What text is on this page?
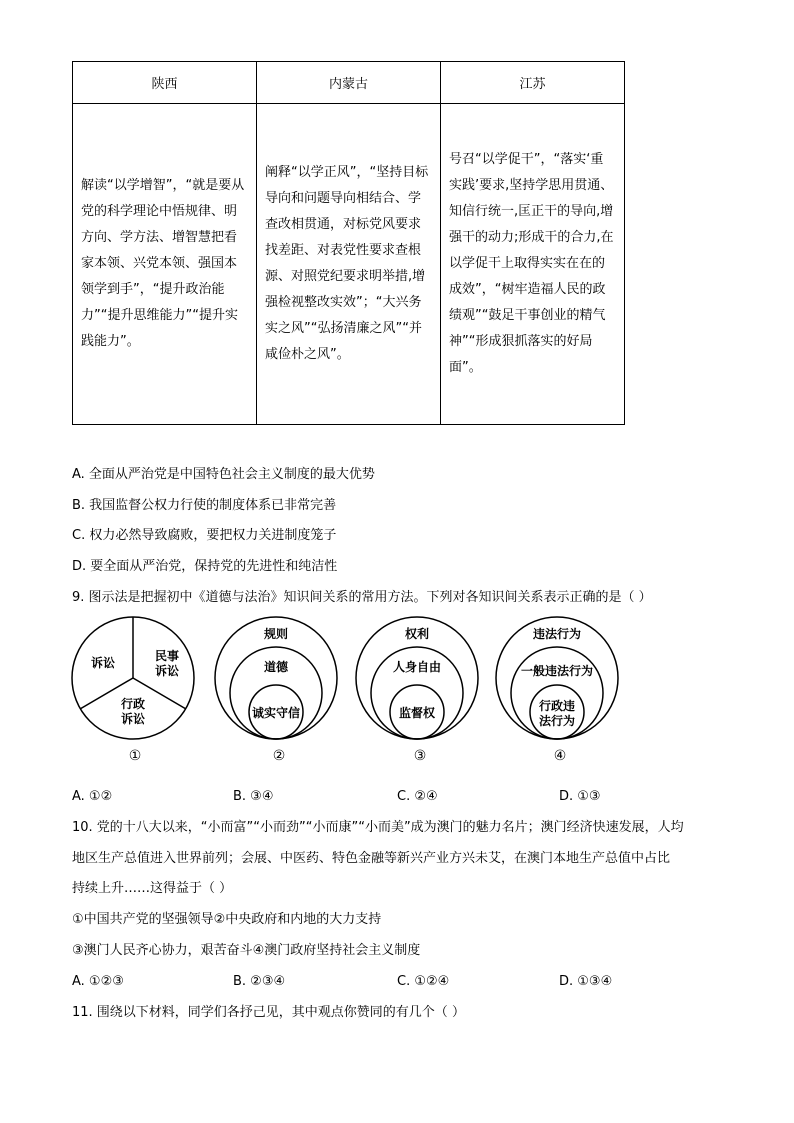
陕西	内蒙古	江苏

解读“以学增智”，“就是要从党的科学理论中悟规律、明方向、学方法、增智慧把看家本领、兴党本领、强国本领学到手”，“提升政治能力”“提升思维能力”“提升实践能力”。	阐释“以学正风”，“坚持目标导向和问题导向相结合、学查改相贯通，对标党风要求找差距、对表党性要求查根源、对照党纪要求明举措,增强检视整改实效”；“大兴务实之风”“弘扬清廉之风”“并咸俭朴之风”。	号召“以学促干”，“落实‘重实践’要求,坚持学思用贯通、知信行统一,匡正干的导向,增强干的动力;形成干的合力,在以学促干上取得实实在在的成效”，“树牢造福人民的政绩观”“鼓足干事创业的精气神”“形成狠抓落实的好局面”。
A. 全面从严治党是中国特色社会主义制度的最大优势
B. 我国监督公权力行使的制度体系已非常完善
C. 权力必然导致腐败，要把权力关进制度笼子
D. 要全面从严治党，保持党的先进性和纯洁性
9. 图示法是把握初中《道德与法治》知识间关系的常用方法。下列对各知识间关系表示正确的是（ ）
诉讼	民事诉讼
行政诉讼
①
规则
道德
诚实守信
②
权利
人身自由
监督权
③
违法行为
一般违法行为
行政违法行为
④
A. ①②	B. ③④	C. ②④	D. ①③
10. 党的十八大以来，“小而富”“小而劲”“小而康”“小而美”成为澳门的魅力名片；澳门经济快速发展，人均
地区生产总值进入世界前列；会展、中医药、特色金融等新兴产业方兴未艾，在澳门本地生产总值中占比
持续上升……这得益于（ ）
①中国共产党的坚强领导②中央政府和内地的大力支持
③澳门人民齐心协力，艰苦奋斗④澳门政府坚持社会主义制度
A. ①②③	B. ②③④	C. ①②④	D. ①③④
11. 围绕以下材料，同学们各抒己见，其中观点你赞同的有几个（ ）
